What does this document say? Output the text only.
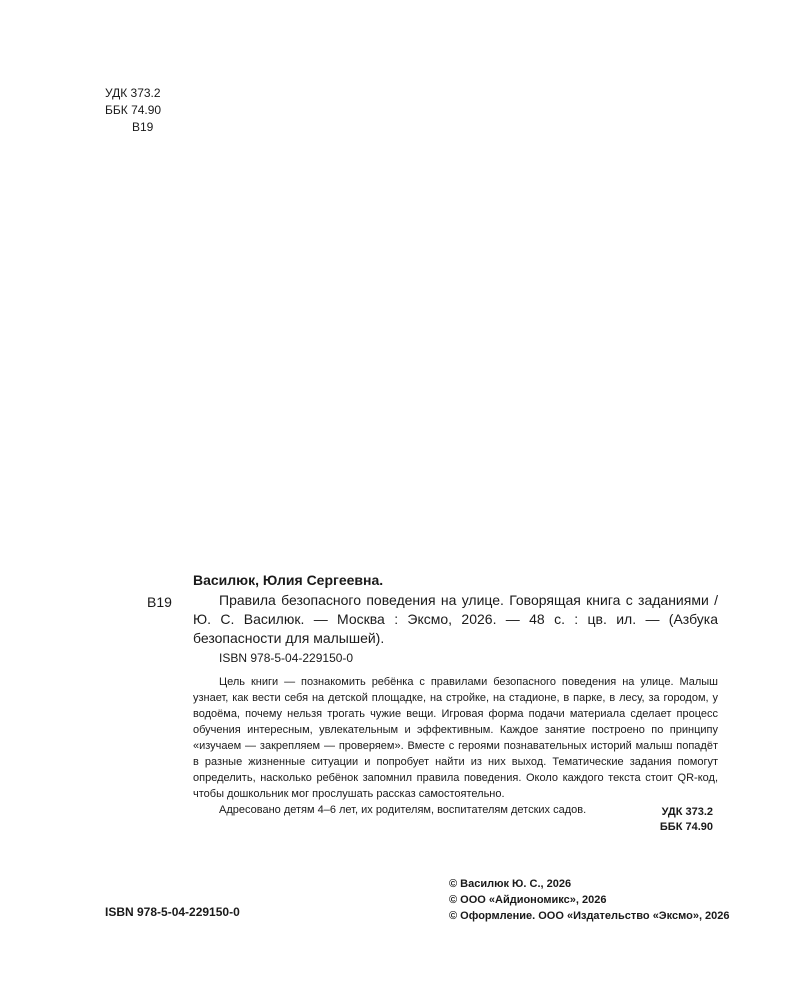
УДК 373.2
ББК 74.90
В19
Василюк, Юлия Сергеевна.
В19	Правила безопасного поведения на улице. Говорящая книга с заданиями / Ю. С. Василюк. — Москва : Эксмо, 2026. — 48 с. : цв. ил. — (Азбука безопасности для малышей).

ISBN 978-5-04-229150-0

Цель книги — познакомить ребёнка с правилами безопасного поведения на улице. Малыш узнает, как вести себя на детской площадке, на стройке, на стадионе, в парке, в лесу, за городом, у водоёма, почему нельзя трогать чужие вещи. Игровая форма подачи материала сделает процесс обучения интересным, увлекательным и эффективным. Каждое занятие построено по принципу «изучаем — закрепляем — проверяем». Вместе с героями познавательных историй малыш попадёт в разные жизненные ситуации и попробует найти из них выход. Тематические задания помогут определить, насколько ребёнок запомнил правила поведения. Около каждого текста стоит QR-код, чтобы дошкольник мог прослушать рассказ самостоятельно.

Адресовано детям 4–6 лет, их родителям, воспитателям детских садов.	УДК 373.2
ББК 74.90
ISBN 978-5-04-229150-0
© Василюк Ю. С., 2026
© ООО «Айдиономикс», 2026
© Оформление. ООО «Издательство «Эксмо», 2026
